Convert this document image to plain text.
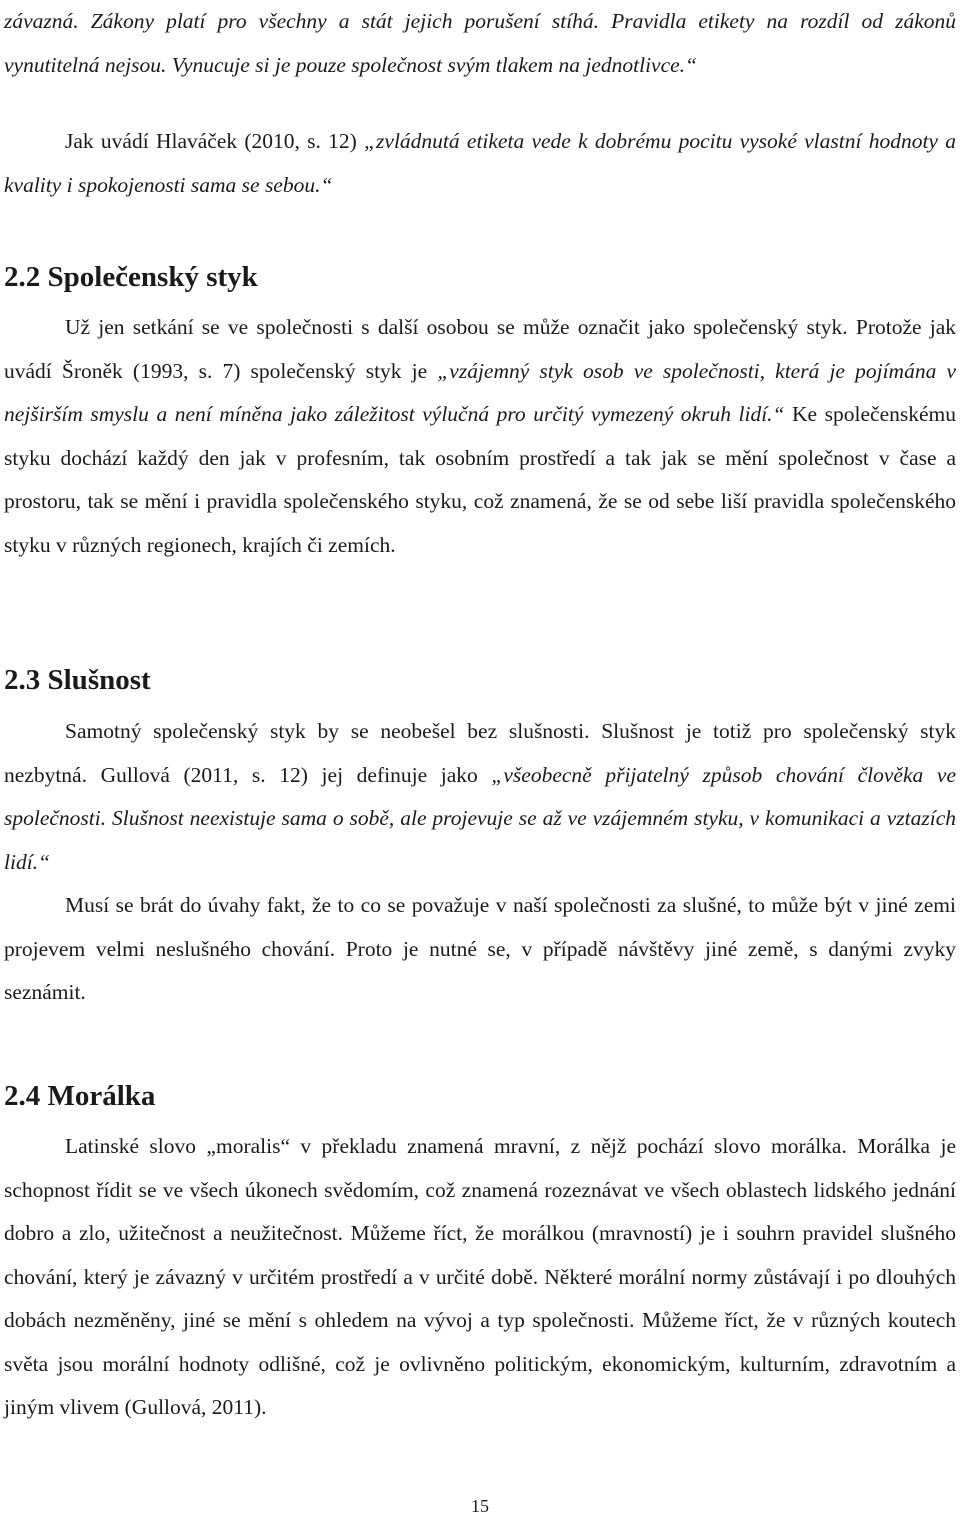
závazná. Zákony platí pro všechny a stát jejich porušení stíhá. Pravidla etikety na rozdíl od zákonů vynutitelná nejsou. Vynucuje si je pouze společnost svým tlakem na jednotlivce.“

Jak uvádí Hlaváček (2010, s. 12) „zvládnutá etiketa vede k dobrému pocitu vysoké vlastní hodnoty a kvality i spokojenosti sama se sebou.“

2.2 Společenský styk

Už jen setkání se ve společnosti s další osobou se může označit jako společenský styk. Protože jak uvádí Šroněk (1993, s. 7) společenský styk je „vzájemný styk osob ve společnosti, která je pojímána v nejširším smyslu a není míněna jako záležitost výlučná pro určitý vymezený okruh lidí.“ Ke společenskému styku dochází každý den jak v profesním, tak osobním prostředí a tak jak se mění společnost v čase a prostoru, tak se mění i pravidla společenského styku, což znamená, že se od sebe liší pravidla společenského styku v různých regionech, krajích či zemích.

2.3 Slušnost

Samotný společenský styk by se neobešel bez slušnosti. Slušnost je totiž pro společenský styk nezbytná. Gullová (2011, s. 12) jej definuje jako „všeobecně přijatelný způsob chování člověka ve společnosti. Slušnost neexistuje sama o sobě, ale projevuje se až ve vzájemném styku, v komunikaci a vztazích lidí.“

Musí se brát do úvahy fakt, že to co se považuje v naší společnosti za slušné, to může být v jiné zemi projevem velmi neslušného chování. Proto je nutné se, v případě návštěvy jiné země, s danými zvyky seznámit.

2.4 Morálka

Latinské slovo „moralis“ v překladu znamená mravní, z nějž pochází slovo morálka. Morálka je schopnost řídit se ve všech úkonech svědomím, což znamená rozeznávat ve všech oblastech lidského jednání dobro a zlo, užitečnost a neužitečnost. Můžeme říct, že morálkou (mravností) je i souhrn pravidel slušného chování, který je závazný v určitém prostředí a v určité době. Některé morální normy zůstávají i po dlouhých dobách nezměněny, jiné se mění s ohledem na vývoj a typ společnosti. Můžeme říct, že v různých koutech světa jsou morální hodnoty odlišné, což je ovlivněno politickým, ekonomickým, kulturním, zdravotním a jiným vlivem (Gullová, 2011).

15
